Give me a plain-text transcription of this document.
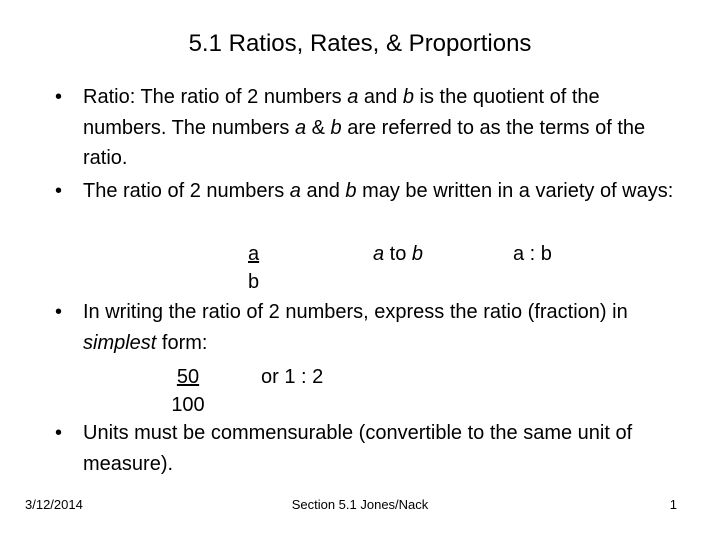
5.1 Ratios, Rates, & Proportions
•	Ratio: The ratio of 2 numbers a and b is the quotient of the numbers. The numbers a & b are referred to as the terms of the ratio.
•	The ratio of 2 numbers a and b may be written in a variety of ways:
$\frac{a}{b}$	a to b	a : b
•	In writing the ratio of 2 numbers, express the ratio (fraction) in simplest form:
$\frac{50}{100}$	or 1 : 2
•	Units must be commensurable (convertible to the same unit of measure).
3/12/2014	Section 5.1 Jones/Nack	1
